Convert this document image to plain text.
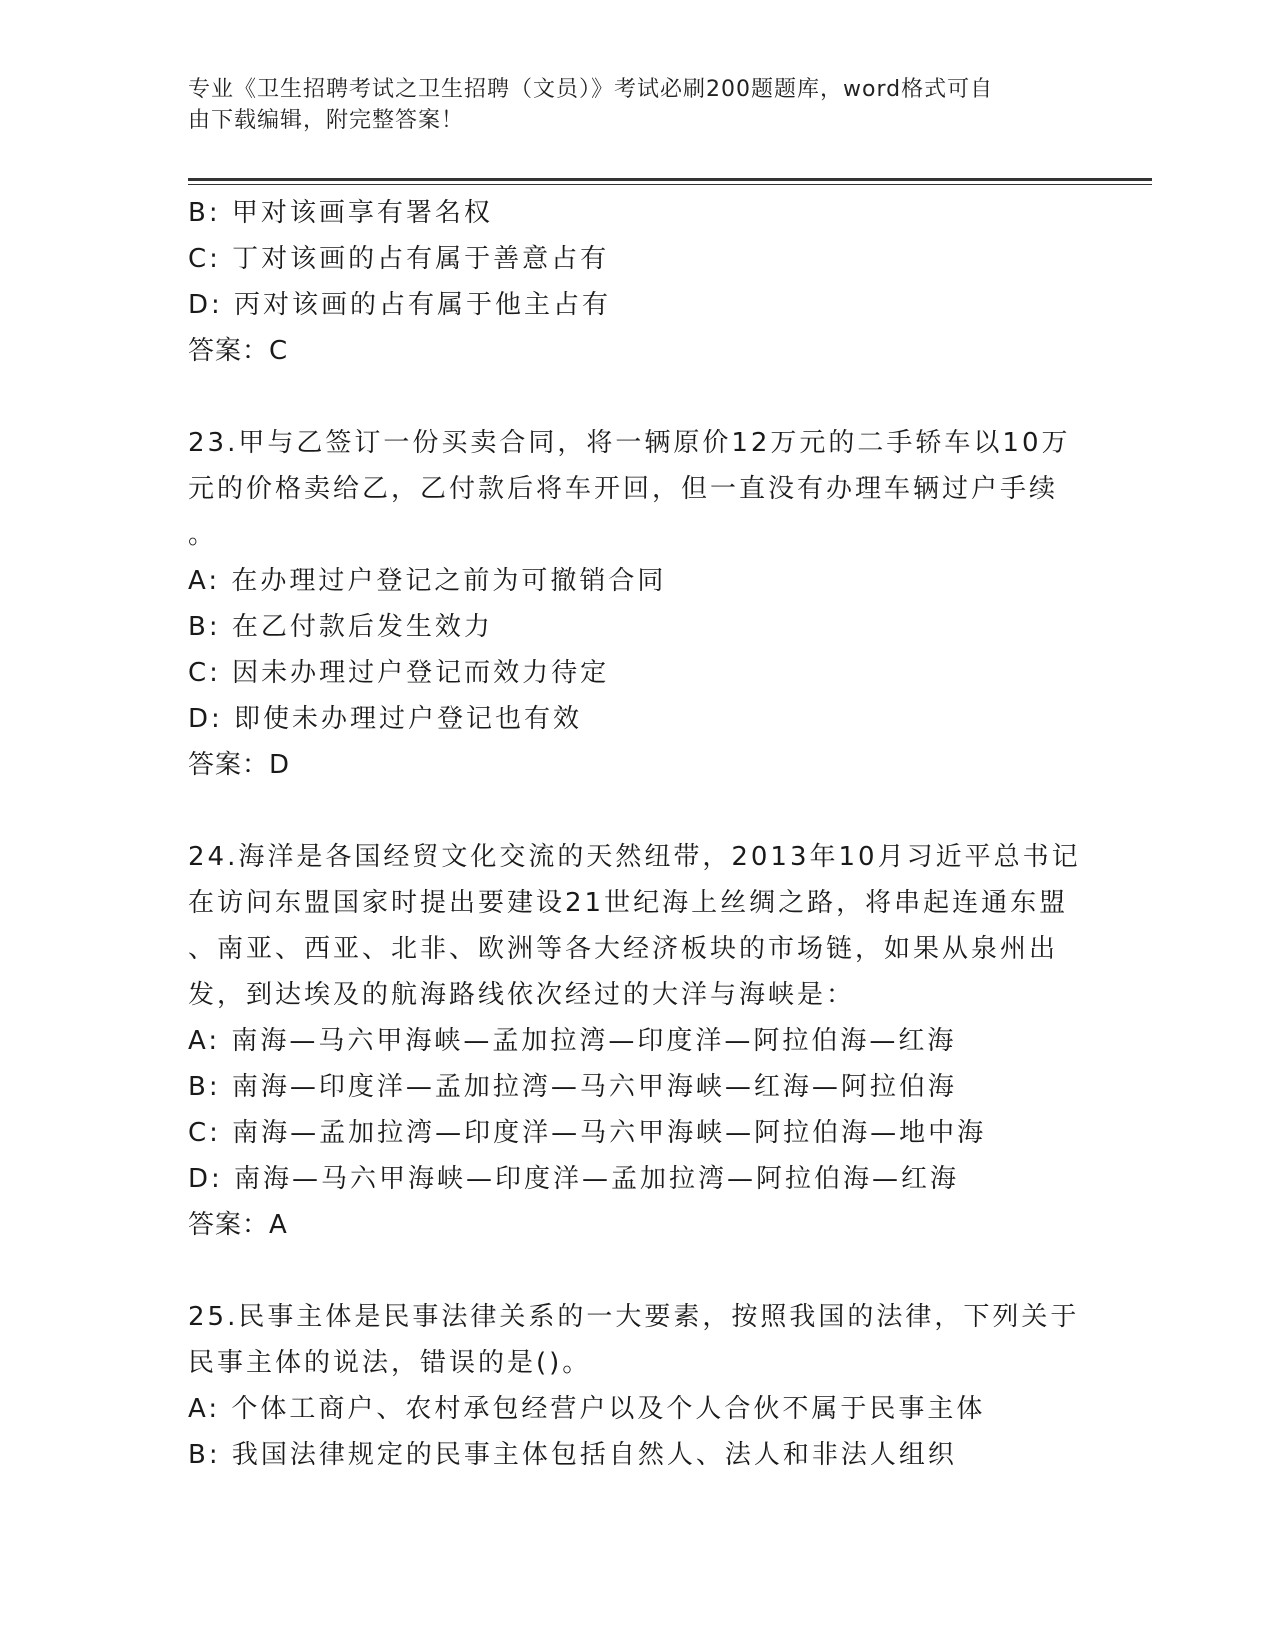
专业《卫生招聘考试之卫生招聘（文员）》考试必刷200题题库，word格式可自
由下载编辑，附完整答案！
B: 甲对该画享有署名权
C: 丁对该画的占有属于善意占有
D: 丙对该画的占有属于他主占有
答案：C
23.甲与乙签订一份买卖合同，将一辆原价12万元的二手轿车以10万
元的价格卖给乙，乙付款后将车开回，但一直没有办理车辆过户手续
。
A: 在办理过户登记之前为可撤销合同
B: 在乙付款后发生效力
C: 因未办理过户登记而效力待定
D: 即使未办理过户登记也有效
答案：D
24.海洋是各国经贸文化交流的天然纽带，2013年10月习近平总书记
在访问东盟国家时提出要建设21世纪海上丝绸之路，将串起连通东盟
、南亚、西亚、北非、欧洲等各大经济板块的市场链，如果从泉州出
发，到达埃及的航海路线依次经过的大洋与海峡是：
A: 南海—马六甲海峡—孟加拉湾—印度洋—阿拉伯海—红海
B: 南海—印度洋—孟加拉湾—马六甲海峡—红海—阿拉伯海
C: 南海—孟加拉湾—印度洋—马六甲海峡—阿拉伯海—地中海
D: 南海—马六甲海峡—印度洋—孟加拉湾—阿拉伯海—红海
答案：A
25.民事主体是民事法律关系的一大要素，按照我国的法律，下列关于
民事主体的说法，错误的是()。
A: 个体工商户、农村承包经营户以及个人合伙不属于民事主体
B: 我国法律规定的民事主体包括自然人、法人和非法人组织
